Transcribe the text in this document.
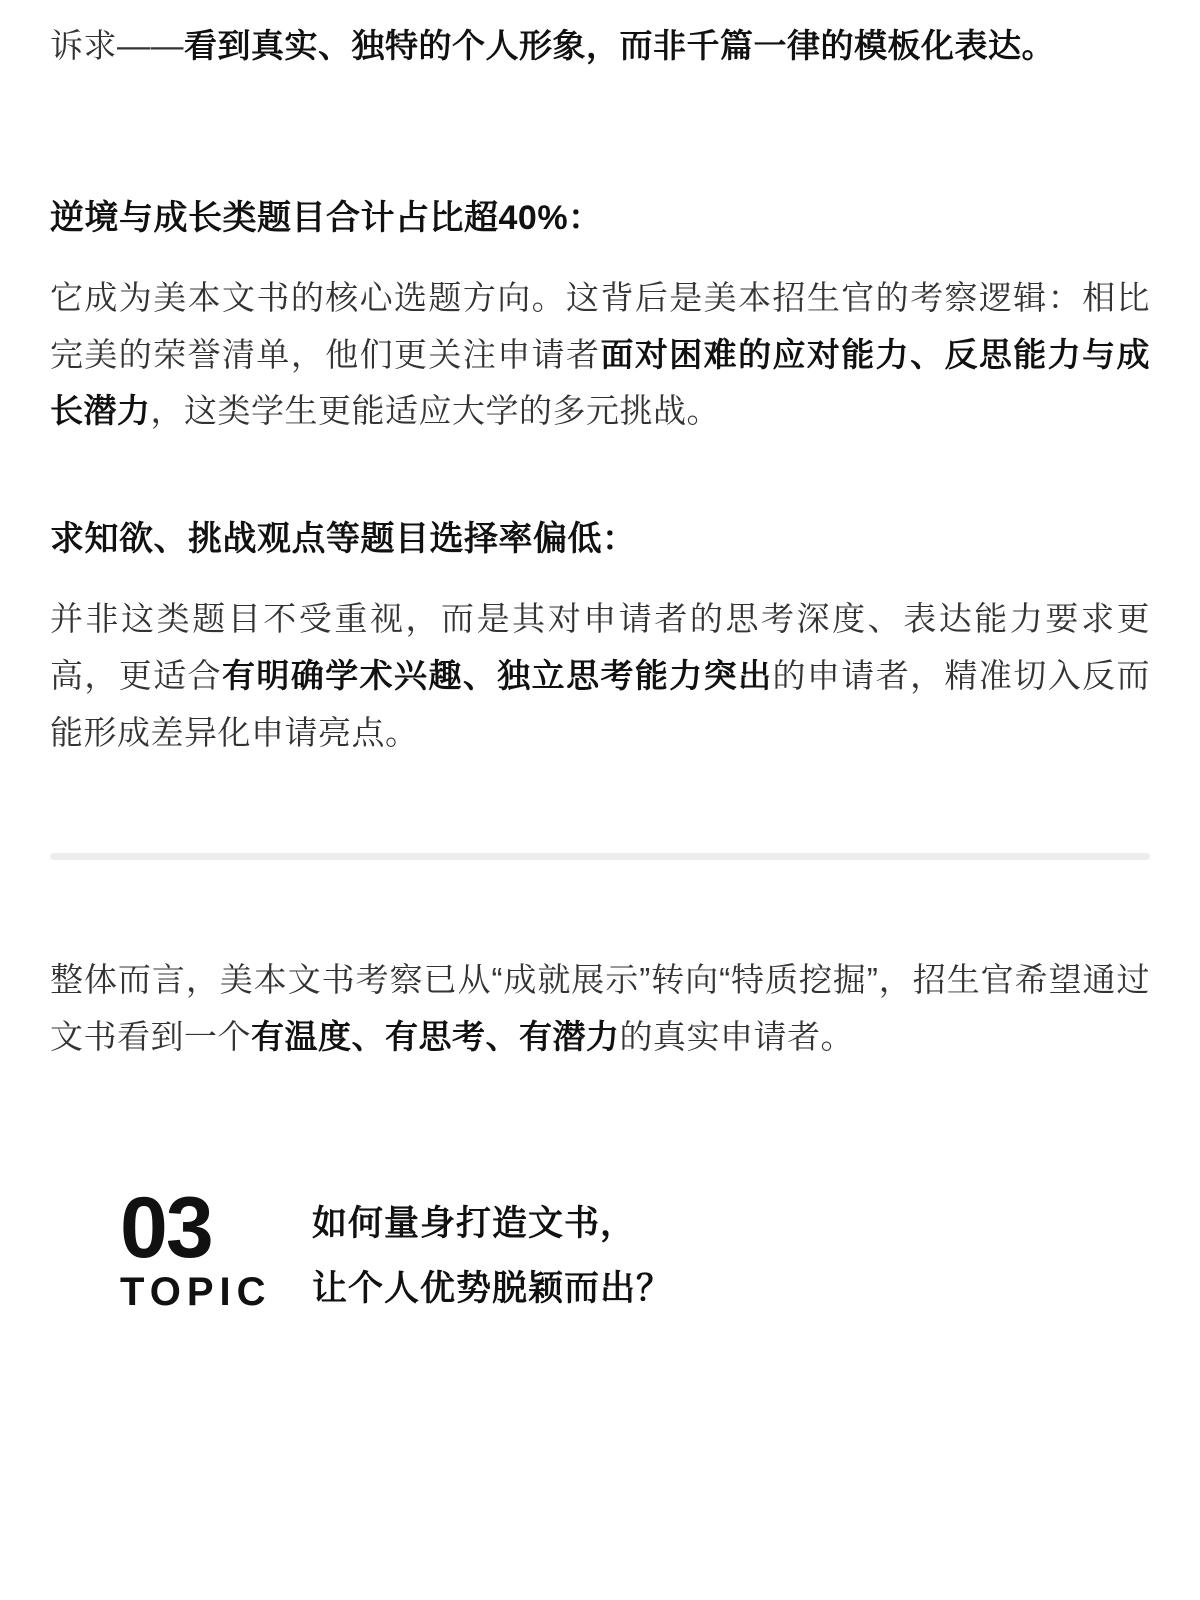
诉求——看到真实、独特的个人形象，而非千篇一律的模板化表达。

逆境与成长类题目合计占比超40%：

它成为美本文书的核心选题方向。这背后是美本招生官的考察逻辑：相比完美的荣誉清单，他们更关注申请者面对困难的应对能力、反思能力与成长潜力，这类学生更能适应大学的多元挑战。

求知欲、挑战观点等题目选择率偏低：

并非这类题目不受重视，而是其对申请者的思考深度、表达能力要求更高，更适合有明确学术兴趣、独立思考能力突出的申请者，精准切入反而能形成差异化申请亮点。

整体而言，美本文书考察已从“成就展示”转向“特质挖掘”，招生官希望通过文书看到一个有温度、有思考、有潜力的真实申请者。

03
TOPIC
如何量身打造文书，
让个人优势脱颖而出？
